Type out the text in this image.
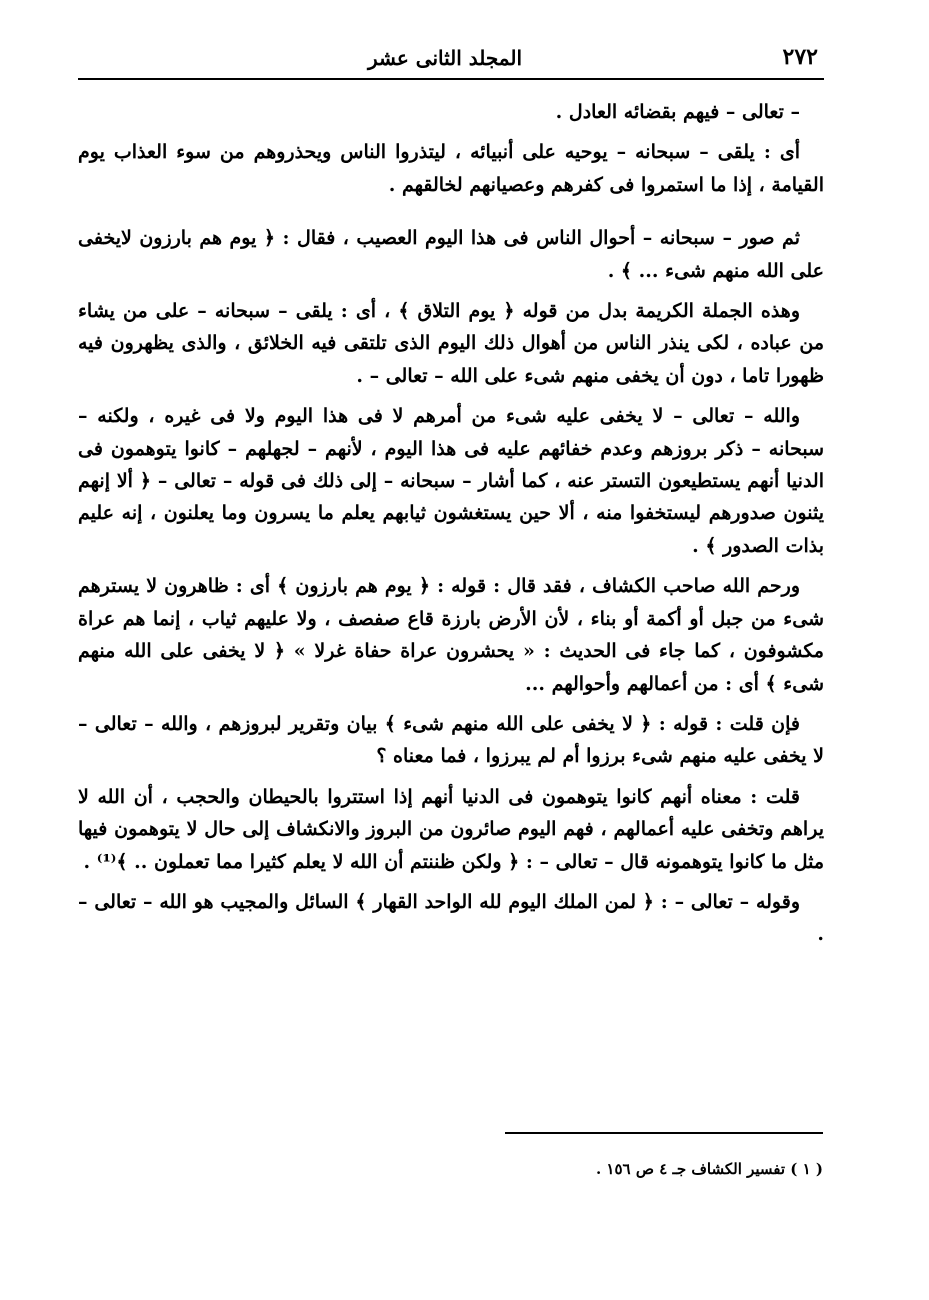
٢٧٢
المجلد الثانى عشر

– تعالى – فيهم بقضائه العادل .

أى : يلقى – سبحانه – يوحيه على أنبيائه ، ليتذروا الناس ويحذروهم من سوء العذاب يوم القيامة ، إذا ما استمروا فى كفرهم وعصيانهم لخالقهم .

ثم صور – سبحانه – أحوال الناس فى هذا اليوم العصيب ، فقال : ﴿ يوم هم بارزون لايخفى على الله منهم شىء ... ﴾ .

وهذه الجملة الكريمة بدل من قوله ﴿ يوم التلاق ﴾ ، أى : يلقى – سبحانه – على من يشاء من عباده ، لكى ينذر الناس من أهوال ذلك اليوم الذى تلتقى فيه الخلائق ، والذى يظهرون فيه ظهورا تاما ، دون أن يخفى منهم شىء على الله – تعالى – .

والله – تعالى – لا يخفى عليه شىء من أمرهم لا فى هذا اليوم ولا فى غيره ، ولكنه – سبحانه – ذكر بروزهم وعدم خفائهم عليه فى هذا اليوم ، لأنهم – لجهلهم – كانوا يتوهمون فى الدنيا أنهم يستطيعون التستر عنه ، كما أشار – سبحانه – إلى ذلك فى قوله – تعالى – ﴿ ألا إنهم يثنون صدورهم ليستخفوا منه ، ألا حين يستغشون ثيابهم يعلم ما يسرون وما يعلنون ، إنه عليم بذات الصدور ﴾ .

ورحم الله صاحب الكشاف ، فقد قال : قوله : ﴿ يوم هم بارزون ﴾ أى : ظاهرون لا يسترهم شىء من جبل أو أكمة أو بناء ، لأن الأرض بارزة قاع صفصف ، ولا عليهم ثياب ، إنما هم عراة مكشوفون ، كما جاء فى الحديث : « يحشرون عراة حفاة غرلا » ﴿ لا يخفى على الله منهم شىء ﴾ أى : من أعمالهم وأحوالهم ...

فإن قلت : قوله : ﴿ لا يخفى على الله منهم شىء ﴾ بيان وتقرير لبروزهم ، والله – تعالى – لا يخفى عليه منهم شىء برزوا أم لم يبرزوا ، فما معناه ؟

قلت : معناه أنهم كانوا يتوهمون فى الدنيا أنهم إذا استتروا بالحيطان والحجب ، أن الله لا يراهم وتخفى عليه أعمالهم ، فهم اليوم صائرون من البروز والانكشاف إلى حال لا يتوهمون فيها مثل ما كانوا يتوهمونه قال – تعالى – : ﴿ ولكن ظننتم أن الله لا يعلم كثيرا مما تعملون .. ﴾⁽¹⁾ .

وقوله – تعالى – : ﴿ لمن الملك اليوم لله الواحد القهار ﴾ السائل والمجيب هو الله – تعالى – .

( ١ ) تفسير الكشاف جـ ٤ ص ١٥٦ .
